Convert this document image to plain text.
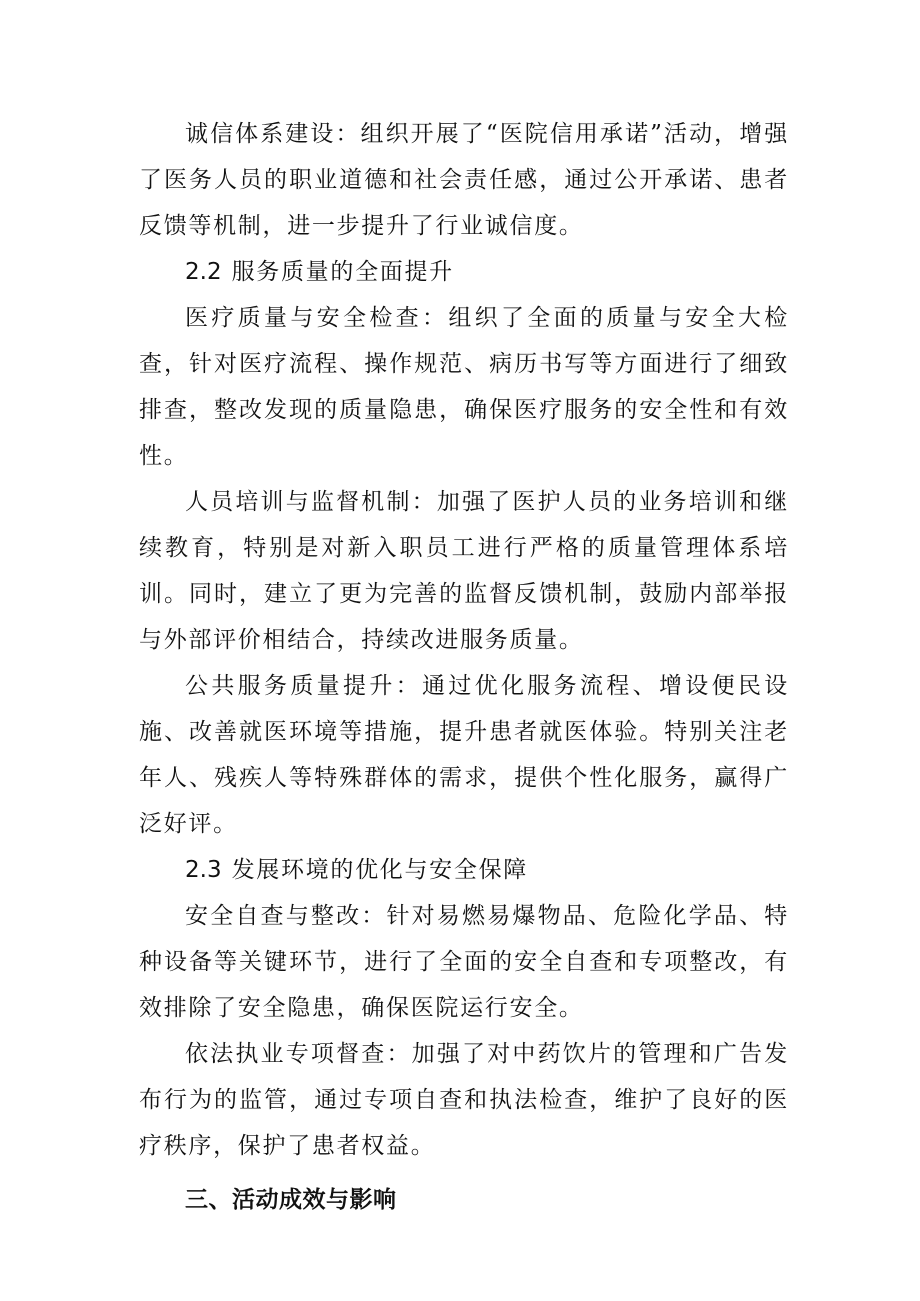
诚信体系建设：组织开展了“医院信用承诺”活动，增强了医务人员的职业道德和社会责任感，通过公开承诺、患者反馈等机制，进一步提升了行业诚信度。

2.2 服务质量的全面提升

医疗质量与安全检查：组织了全面的质量与安全大检查，针对医疗流程、操作规范、病历书写等方面进行了细致排查，整改发现的质量隐患，确保医疗服务的安全性和有效性。

人员培训与监督机制：加强了医护人员的业务培训和继续教育，特别是对新入职员工进行严格的质量管理体系培训。同时，建立了更为完善的监督反馈机制，鼓励内部举报与外部评价相结合，持续改进服务质量。

公共服务质量提升：通过优化服务流程、增设便民设施、改善就医环境等措施，提升患者就医体验。特别关注老年人、残疾人等特殊群体的需求，提供个性化服务，赢得广泛好评。

2.3 发展环境的优化与安全保障

安全自查与整改：针对易燃易爆物品、危险化学品、特种设备等关键环节，进行了全面的安全自查和专项整改，有效排除了安全隐患，确保医院运行安全。

依法执业专项督查：加强了对中药饮片的管理和广告发布行为的监管，通过专项自查和执法检查，维护了良好的医疗秩序，保护了患者权益。

三、活动成效与影响
